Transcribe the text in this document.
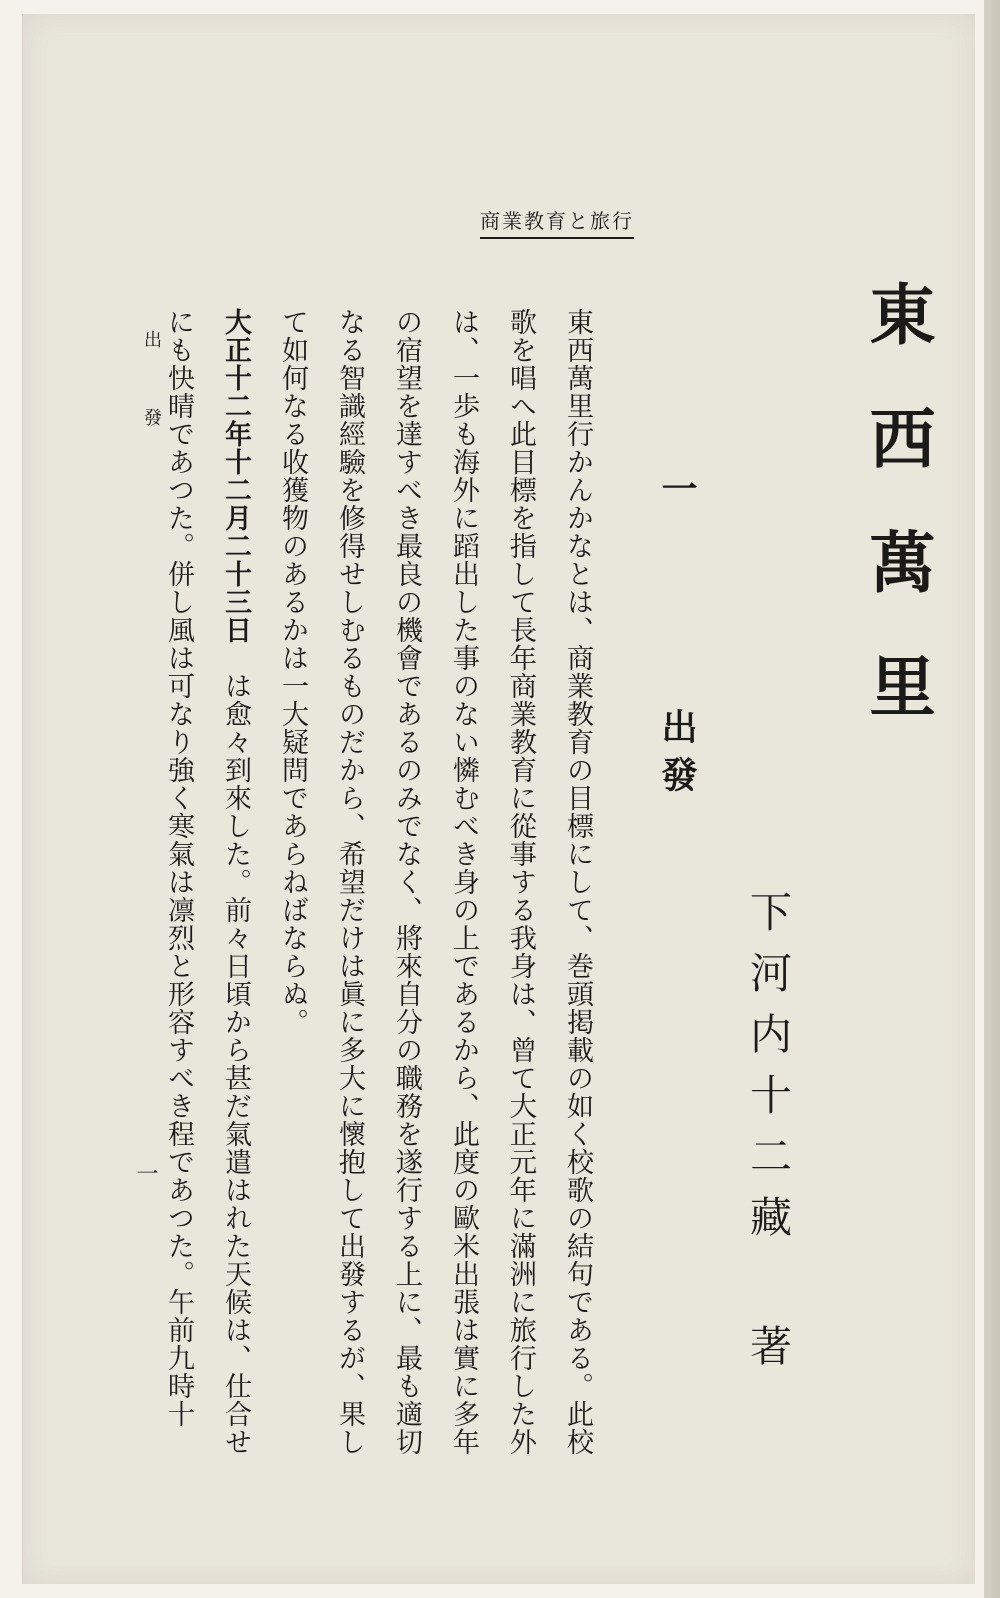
商業教育と旅行
東西萬里
下河内十二藏 著
一出發

東西萬里行かんかなとは、商業教育の目標にして、巻頭掲載の如く校歌の結句である。此校歌を唱へ此目標を指して長年商業教育に從事する我身は、曾て大正元年に滿洲に旅行した外は、一歩も海外に蹈出した事のない憐むべき身の上であるから、此度の歐米出張は實に多年の宿望を達すべき最良の機會であるのみでなく、將來自分の職務を遂行する上に、最も適切なる智識經驗を修得せしむるものだから、希望だけは眞に多大に懷抱して出發するが、果して如何なる收獲物のあるかは一大疑問であらねばならぬ。

大正十二年十二月二十三日　は愈々到來した。前々日頃から甚だ氣遣はれた天候は、仕合せにも快晴であつた。併し風は可なり強く寒氣は凛烈と形容すべき程であつた。午前九時十

出發
一
